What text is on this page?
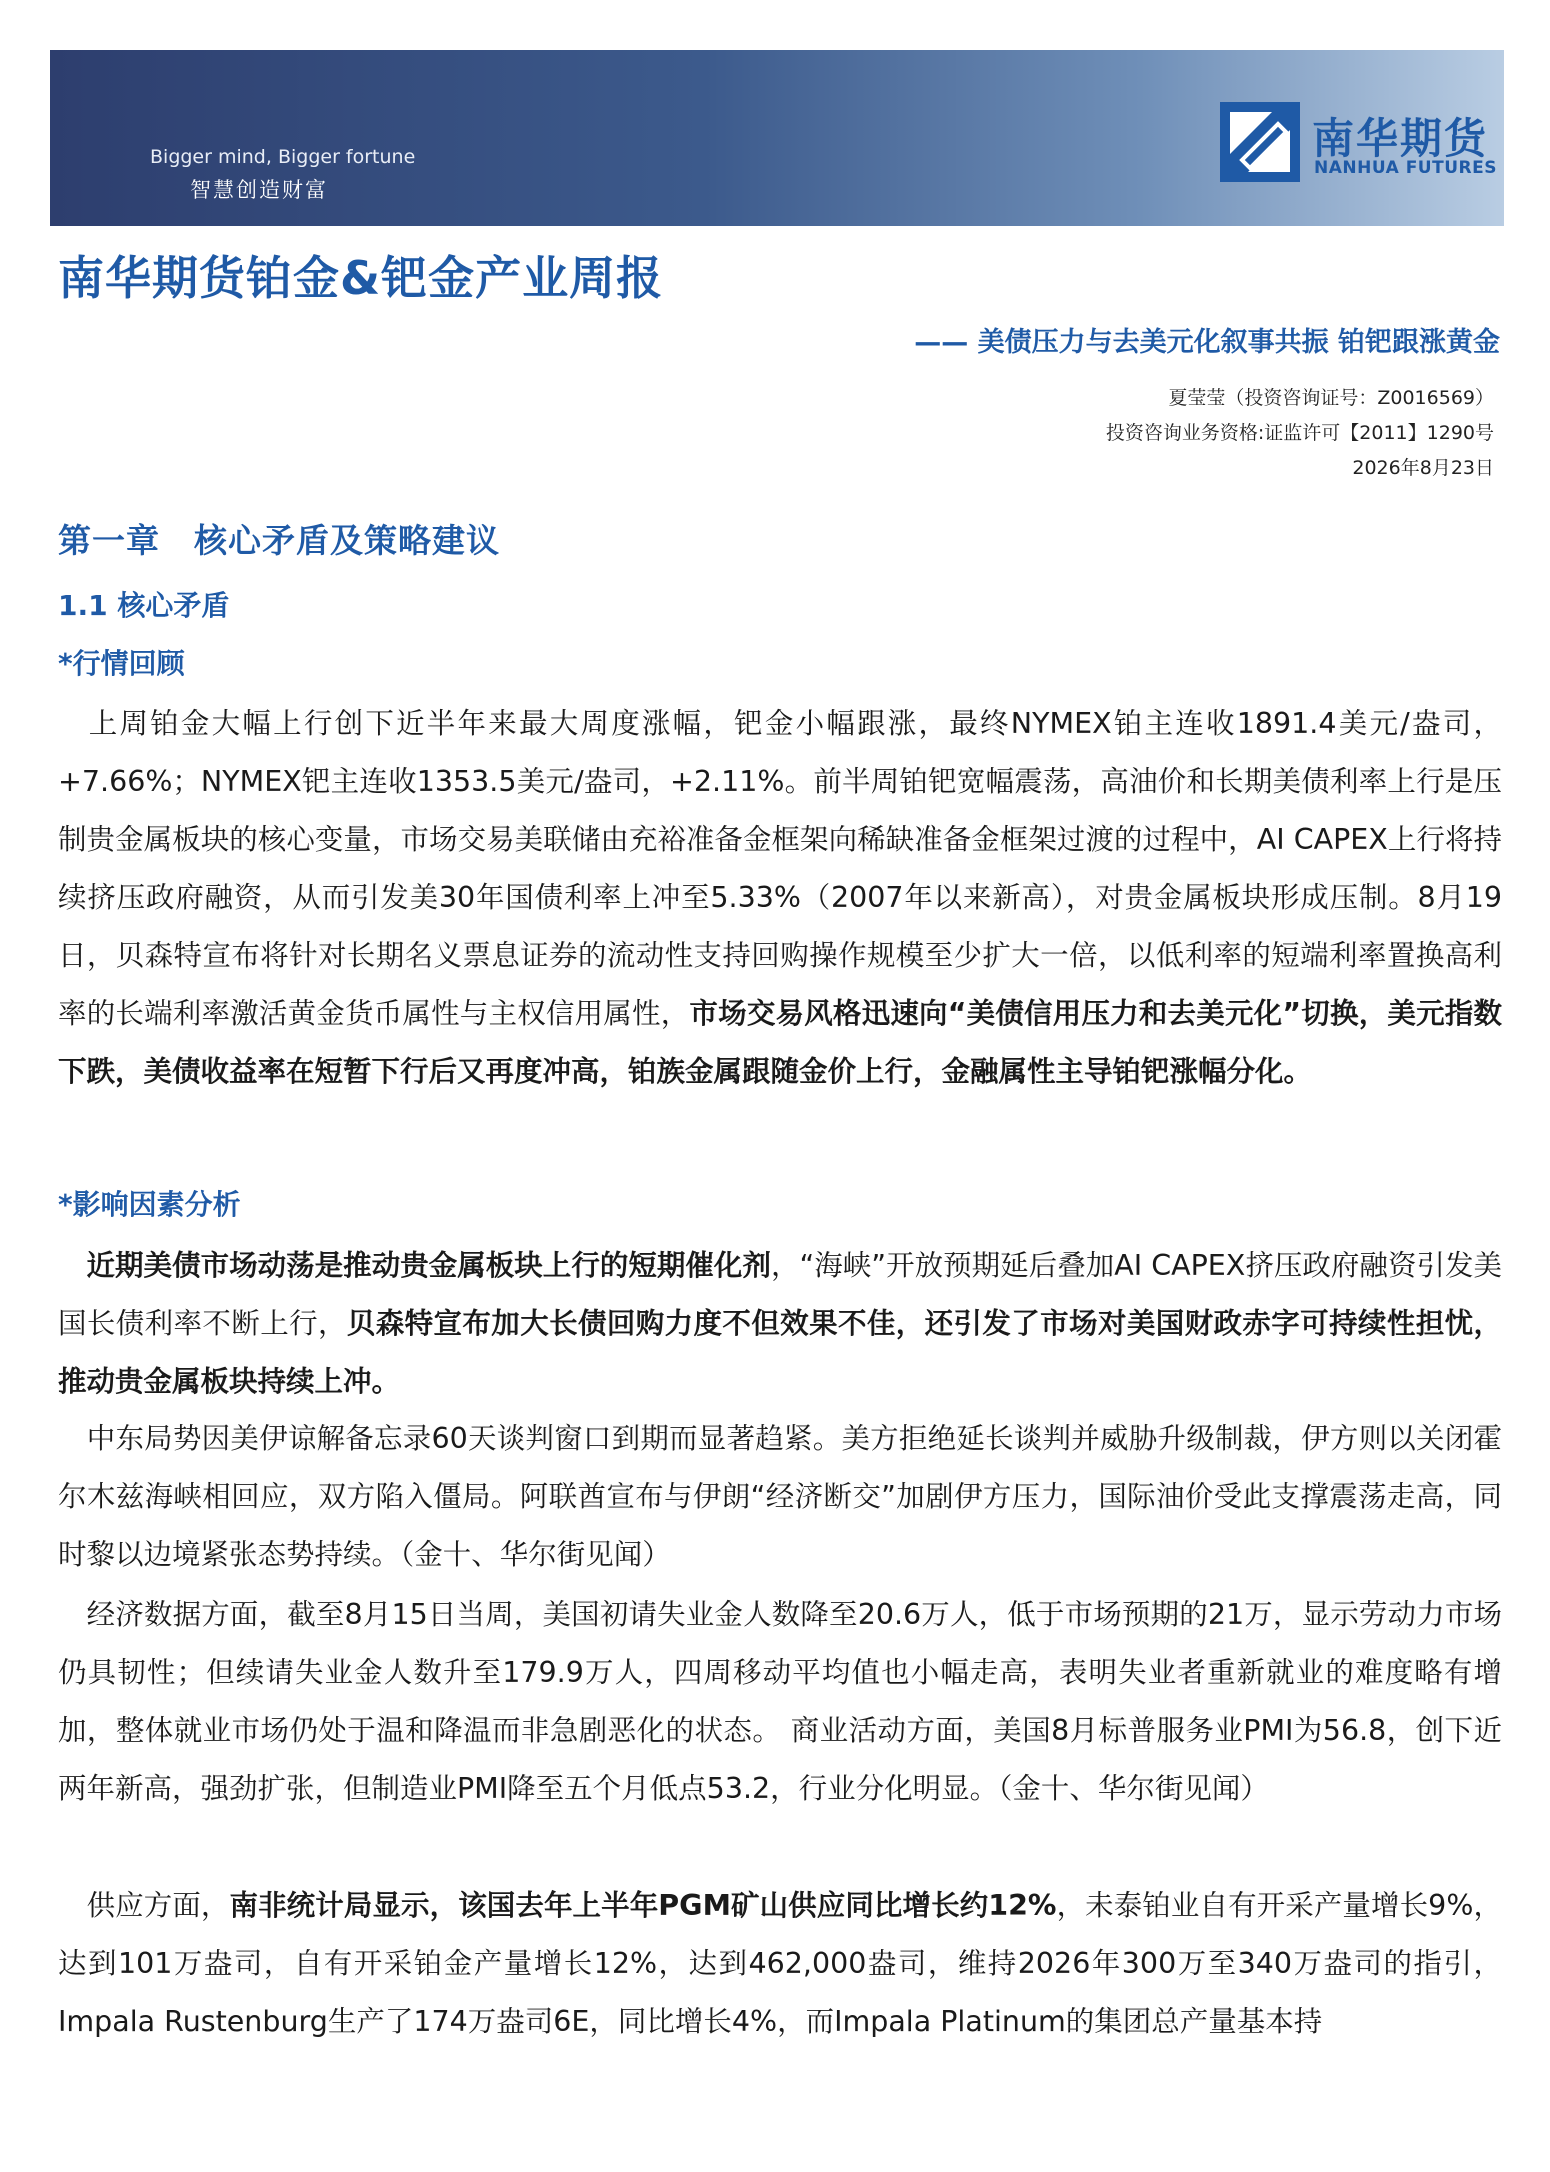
Bigger mind, Bigger fortune
智慧创造财富
南华期货
NANHUA FUTURES
南华期货铂金&钯金产业周报
—— 美债压力与去美元化叙事共振 铂钯跟涨黄金
夏莹莹（投资咨询证号：Z0016569）
投资咨询业务资格:证监许可【2011】1290号
2026年8月23日
第一章　核心矛盾及策略建议
1.1 核心矛盾
*行情回顾

 上周铂金大幅上行创下近半年来最大周度涨幅，钯金小幅跟涨，最终NYMEX铂主连收1891.4美元/盎司，+7.66%；NYMEX钯主连收1353.5美元/盎司，+2.11%。前半周铂钯宽幅震荡，高油价和长期美债利率上行是压制贵金属板块的核心变量，市场交易美联储由充裕准备金框架向稀缺准备金框架过渡的过程中，AI CAPEX上行将持续挤压政府融资，从而引发美30年国债利率上冲至5.33%（2007年以来新高），对贵金属板块形成压制。8月19日，贝森特宣布将针对长期名义票息证券的流动性支持回购操作规模至少扩大一倍，以低利率的短端利率置换高利率的长端利率激活黄金货币属性与主权信用属性，市场交易风格迅速向“美债信用压力和去美元化”切换，美元指数下跌，美债收益率在短暂下行后又再度冲高，铂族金属跟随金价上行，金融属性主导铂钯涨幅分化。

*影响因素分析

 近期美债市场动荡是推动贵金属板块上行的短期催化剂，“海峡”开放预期延后叠加AI CAPEX挤压政府融资引发美国长债利率不断上行，贝森特宣布加大长债回购力度不但效果不佳，还引发了市场对美国财政赤字可持续性担忧，推动贵金属板块持续上冲。

 中东局势因美伊谅解备忘录60天谈判窗口到期而显著趋紧。美方拒绝延长谈判并威胁升级制裁，伊方则以关闭霍尔木兹海峡相回应，双方陷入僵局。阿联酋宣布与伊朗“经济断交”加剧伊方压力，国际油价受此支撑震荡走高，同时黎以边境紧张态势持续。（金十、华尔街见闻）

 经济数据方面，截至8月15日当周，美国初请失业金人数降至20.6万人，低于市场预期的21万，显示劳动力市场仍具韧性；但续请失业金人数升至179.9万人，四周移动平均值也小幅走高，表明失业者重新就业的难度略有增加，整体就业市场仍处于温和降温而非急剧恶化的状态。 商业活动方面，美国8月标普服务业PMI为56.8，创下近两年新高，强劲扩张，但制造业PMI降至五个月低点53.2，行业分化明显。（金十、华尔街见闻）

 供应方面，南非统计局显示，该国去年上半年PGM矿山供应同比增长约12%，未泰铂业自有开采产量增长9%，达到101万盎司，自有开采铂金产量增长12%，达到462,000盎司，维持2026年300万至340万盎司的指引，Impala Rustenburg生产了174万盎司6E，同比增长4%，而Impala Platinum的集团总产量基本持
